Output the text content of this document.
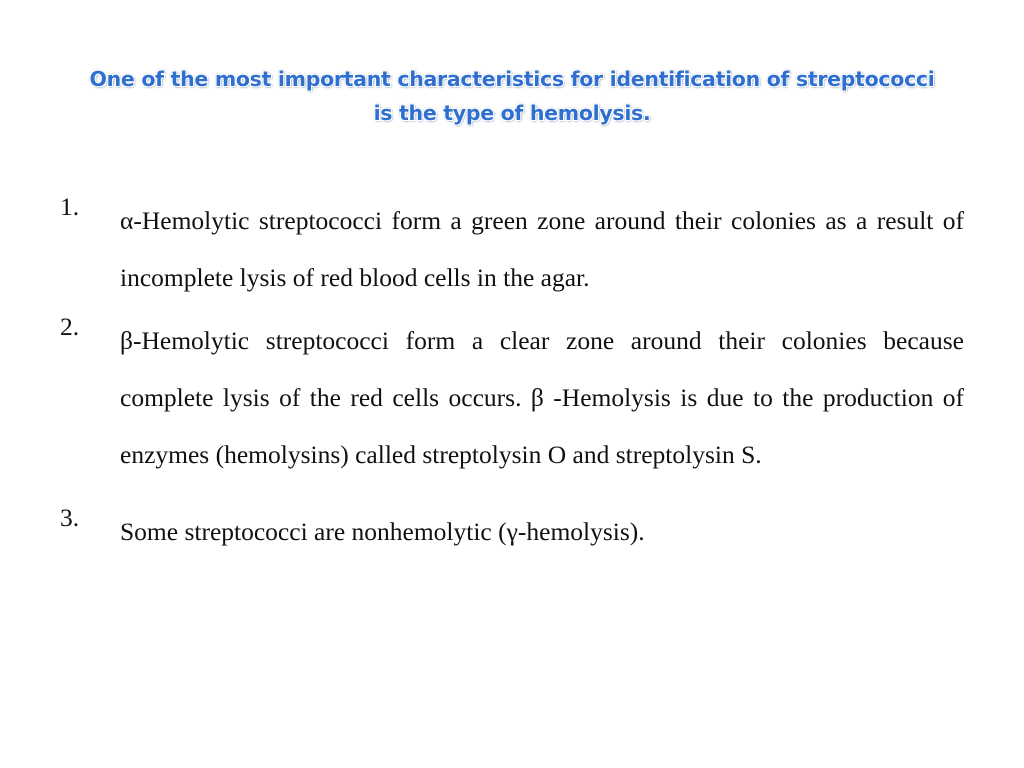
One of the most important characteristics for identification of streptococci
is the type of hemolysis.
1. α-Hemolytic streptococci form a green zone around their colonies as a result of incomplete lysis of red blood cells in the agar.
2. β-Hemolytic streptococci form a clear zone around their colonies because complete lysis of the red cells occurs. β -Hemolysis is due to the production of enzymes (hemolysins) called streptolysin O and streptolysin S.
3. Some streptococci are nonhemolytic (γ-hemolysis).
